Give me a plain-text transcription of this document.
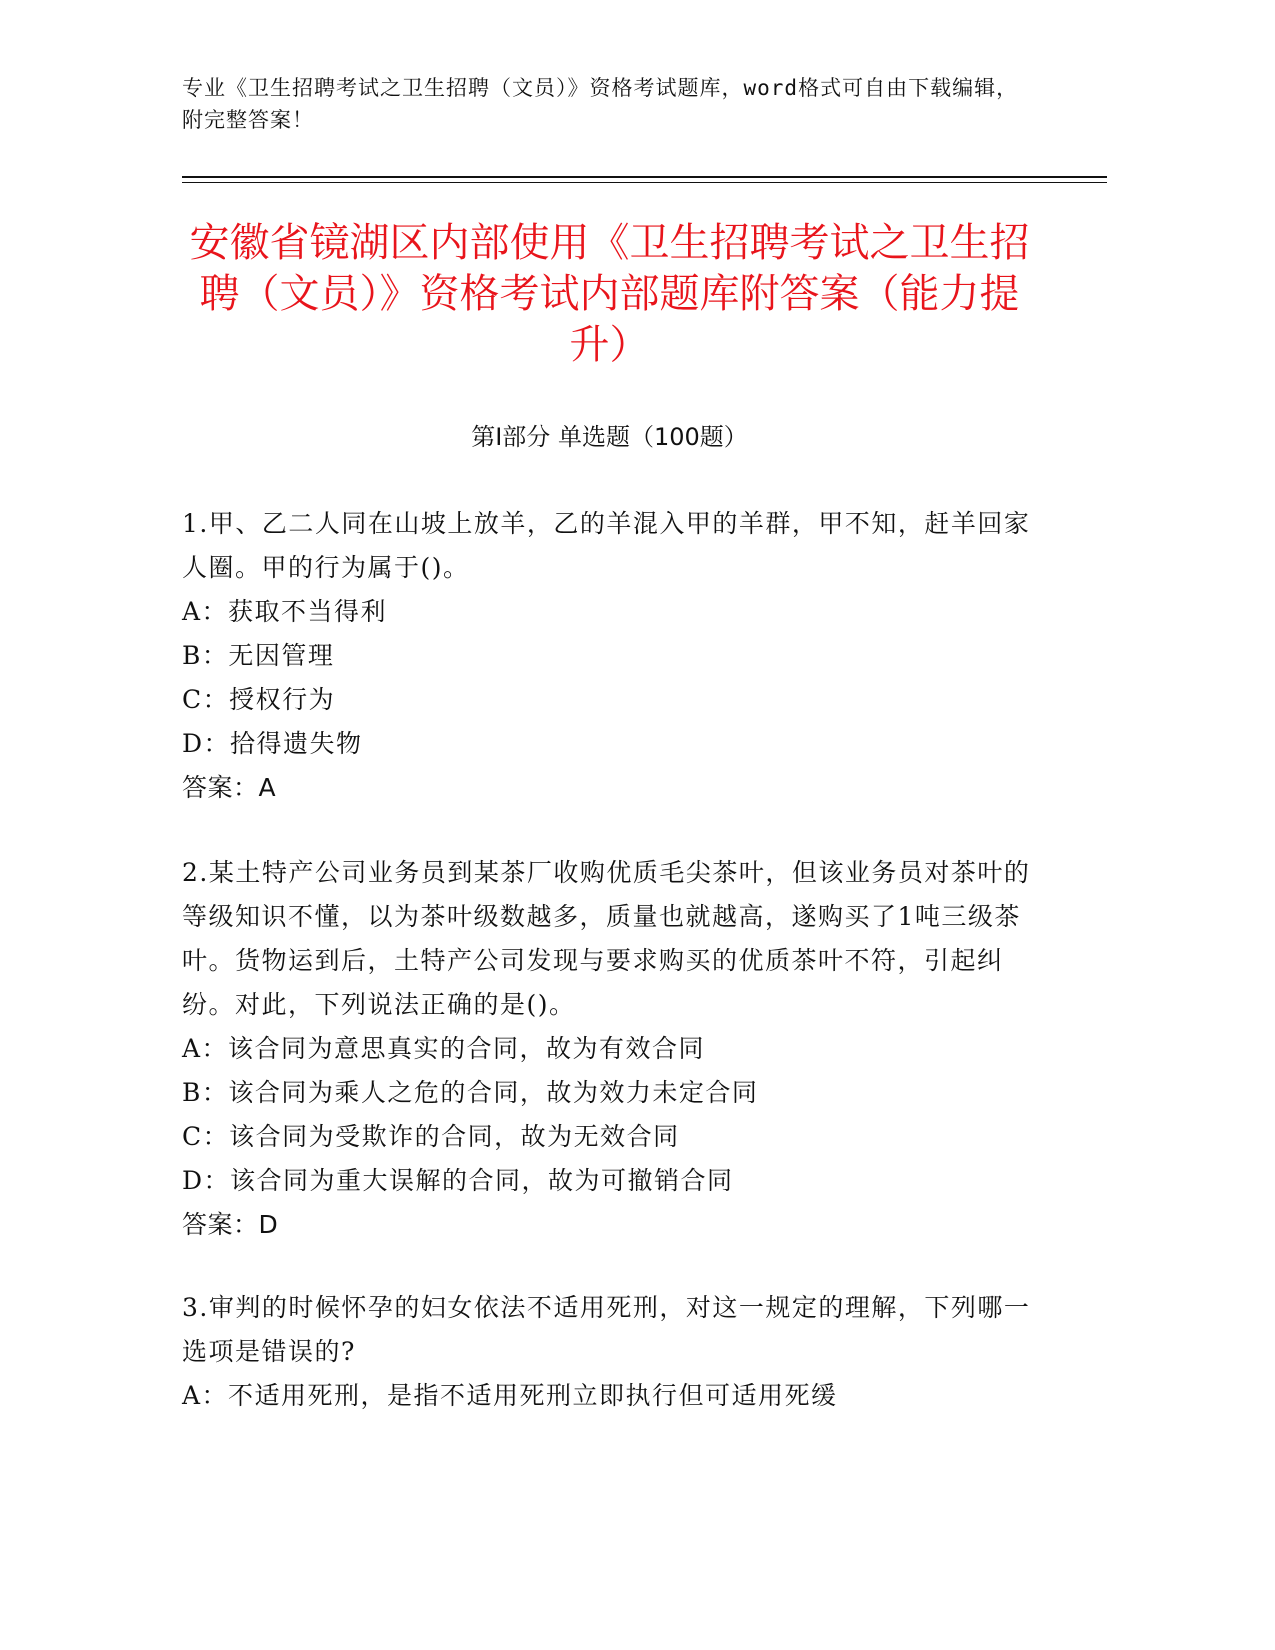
专业《卫生招聘考试之卫生招聘（文员）》资格考试题库，word格式可自由下载编辑，附完整答案！
安徽省镜湖区内部使用《卫生招聘考试之卫生招聘（文员）》资格考试内部题库附答案（能力提升）
第Ⅰ部分 单选题（100题）
1.甲、乙二人同在山坡上放羊，乙的羊混入甲的羊群，甲不知，赶羊回家人圈。甲的行为属于()。
A：获取不当得利
B：无因管理
C：授权行为
D：拾得遗失物
答案：A
2.某土特产公司业务员到某茶厂收购优质毛尖茶叶，但该业务员对茶叶的等级知识不懂，以为茶叶级数越多，质量也就越高，遂购买了1吨三级茶叶。货物运到后，土特产公司发现与要求购买的优质茶叶不符，引起纠纷。对此，下列说法正确的是()。
A：该合同为意思真实的合同，故为有效合同
B：该合同为乘人之危的合同，故为效力未定合同
C：该合同为受欺诈的合同，故为无效合同
D：该合同为重大误解的合同，故为可撤销合同
答案：D
3.审判的时候怀孕的妇女依法不适用死刑，对这一规定的理解，下列哪一选项是错误的?
A：不适用死刑，是指不适用死刑立即执行但可适用死缓
